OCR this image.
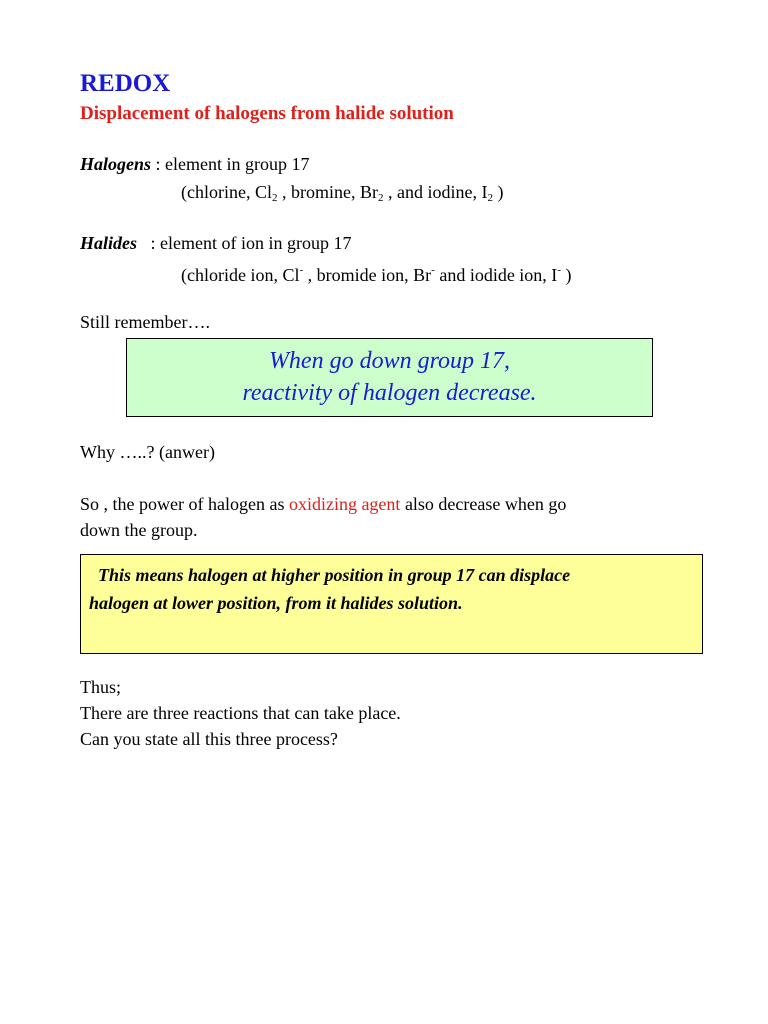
REDOX
Displacement of halogens from halide solution
Halogens : element in group 17
(chlorine, $Cl_2$ , bromine, $Br_2$ , and iodine, $I_2$ )
Halides   : element of ion in group 17
(chloride ion, Cl- , bromide ion, Br- and iodide ion, I- )
Still remember….
When go down group 17,
reactivity of halogen decrease.
Why …..? (anwer)
So , the power of halogen as oxidizing agent also decrease when go
down the group.
This means halogen at higher position in group 17 can displace
halogen at lower position, from it halides solution.
Thus;
There are three reactions that can take place.
Can you state all this three process?
